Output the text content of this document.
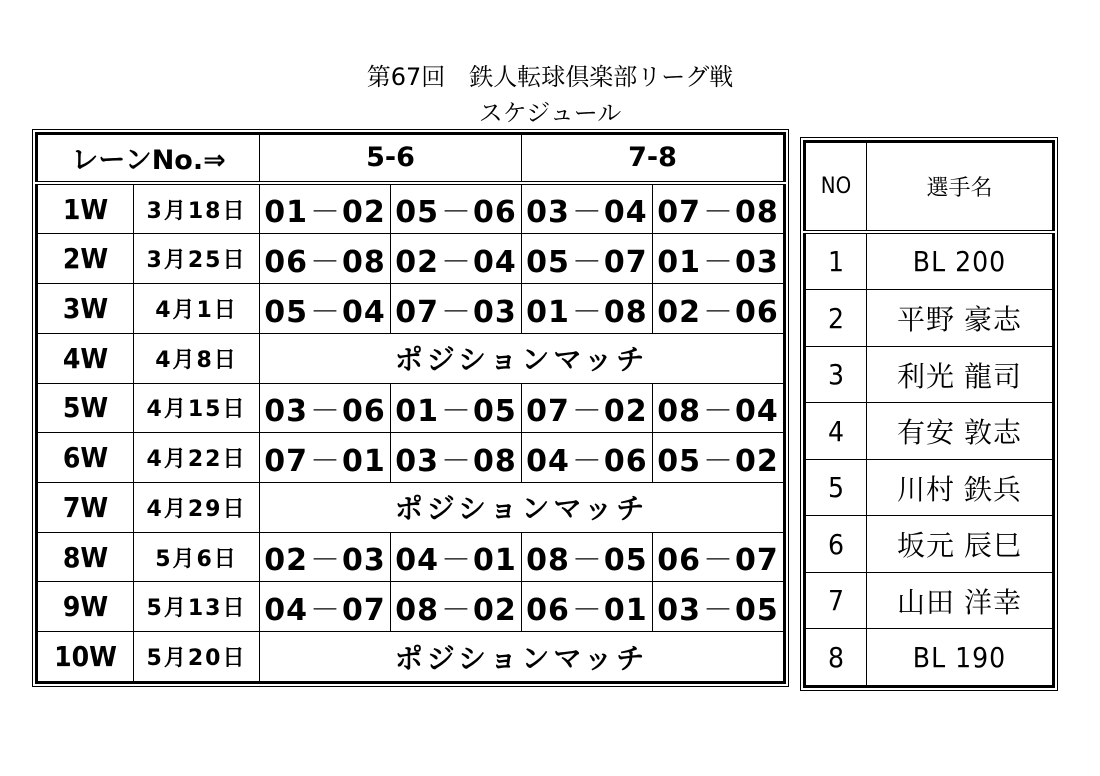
第67回　鉄人転球倶楽部リーグ戦
スケジュール
レーンNo.⇒		5-6		7-8	
1W	3月18日	01－02	05－06	03－04	07－08
2W	3月25日	06－08	02－04	05－07	01－03
3W	4月1日	05－04	07－03	01－08	02－06
4W	4月8日	ポジションマッチ			
5W	4月15日	03－06	01－05	07－02	08－04
6W	4月22日	07－01	03－08	04－06	05－02
7W	4月29日	ポジションマッチ			
8W	5月6日	02－03	04－01	08－05	06－07
9W	5月13日	04－07	08－02	06－01	03－05
10W	5月20日	ポジションマッチ			
NO	選手名
1	BL 200
2	平野 豪志
3	利光 龍司
4	有安 敦志
5	川村 鉄兵
6	坂元 辰巳
7	山田 洋幸
8	BL 190
